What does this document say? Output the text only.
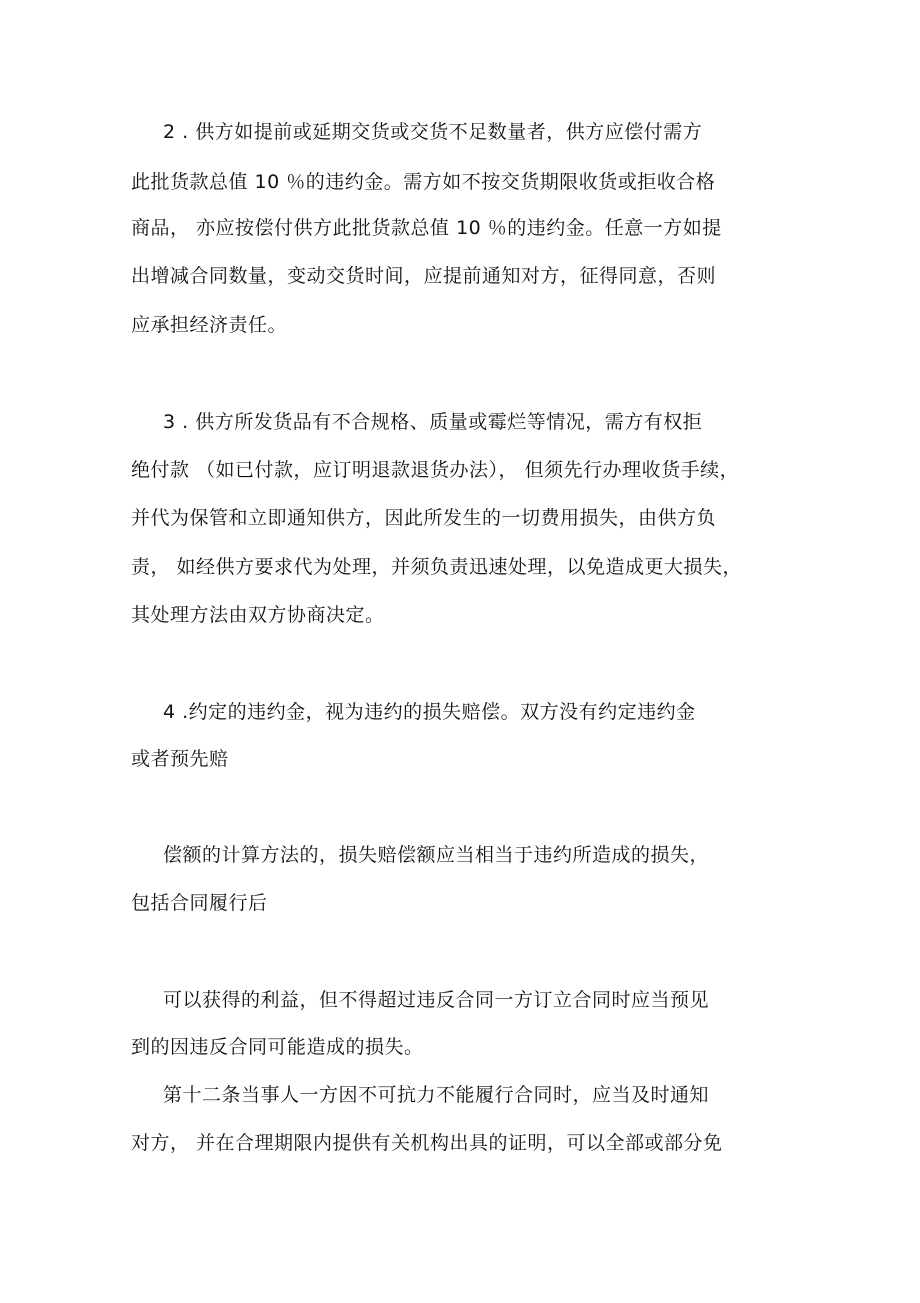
2 . 供方如提前或延期交货或交货不足数量者，供方应偿付需方
此批货款总值 10 ％的违约金。需方如不按交货期限收货或拒收合格
商品， 亦应按偿付供方此批货款总值 10 ％的违约金。任意一方如提
出增减合同数量，变动交货时间，应提前通知对方，征得同意，否则
应承担经济责任。
3 . 供方所发货品有不合规格、质量或霉烂等情况，需方有权拒
绝付款 （如已付款，应订明退款退货办法）， 但须先行办理收货手续，
并代为保管和立即通知供方，因此所发生的一切费用损失，由供方负
责， 如经供方要求代为处理，并须负责迅速处理，以免造成更大损失，
其处理方法由双方协商决定。
4 .约定的违约金，视为违约的损失赔偿。双方没有约定违约金
或者预先赔
偿额的计算方法的，损失赔偿额应当相当于违约所造成的损失，
包括合同履行后
可以获得的利益，但不得超过违反合同一方订立合同时应当预见
到的因违反合同可能造成的损失。
第十二条当事人一方因不可抗力不能履行合同时，应当及时通知
对方， 并在合理期限内提供有关机构出具的证明，可以全部或部分免
